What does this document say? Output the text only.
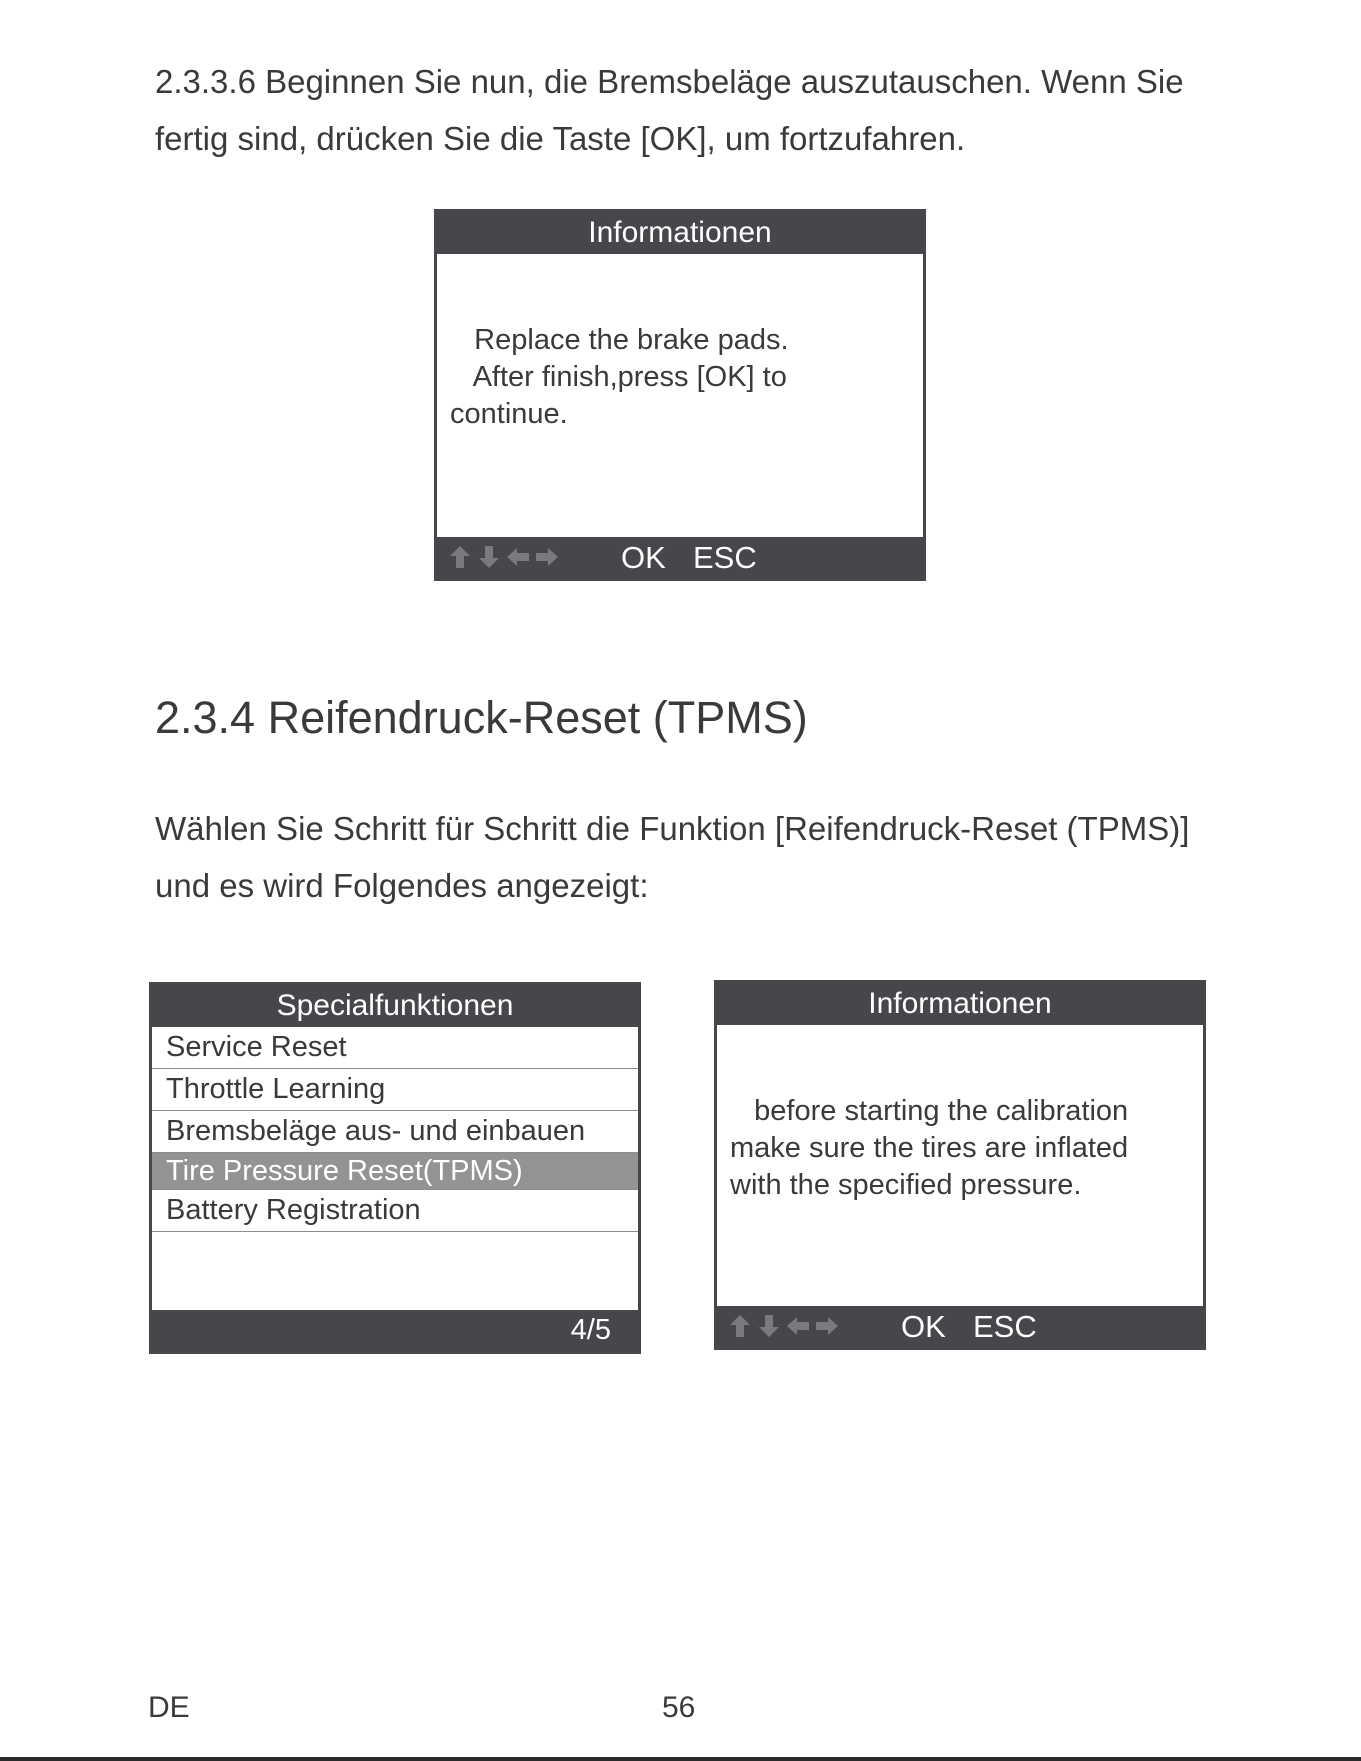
2.3.3.6 Beginnen Sie nun, die Bremsbeläge auszutauschen. Wenn Sie fertig sind, drücken Sie die Taste [OK], um fortzufahren.

Informationen

Replace the brake pads.
After finish,press [OK] to
continue.

OK ESC
2.3.4 Reifendruck-Reset (TPMS)

Wählen Sie Schritt für Schritt die Funktion [Reifendruck-Reset (TPMS)] und es wird Folgendes angezeigt:

Specialfunktionen
Service Reset
Throttle Learning
Bremsbeläge aus- und einbauen
Tire Pressure Reset(TPMS)
Battery Registration
4/5
Informationen

before starting the calibration
make sure the tires are inflated
with the specified pressure.

OK ESC
DE	56
